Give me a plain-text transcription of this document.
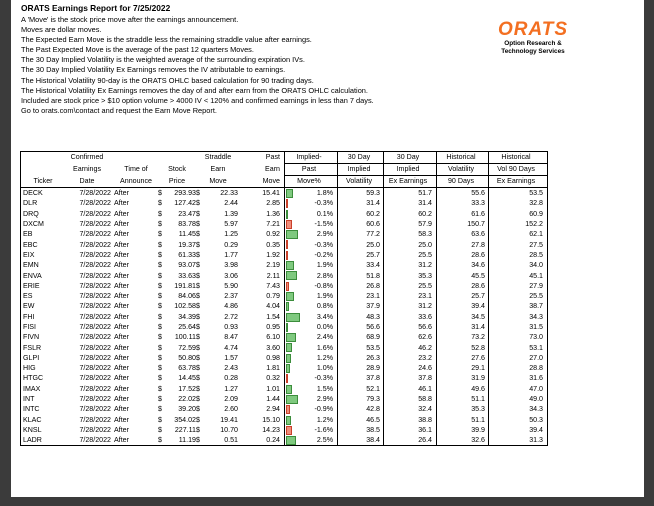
ORATS Earnings Report for 7/25/2022
A 'Move' is the stock price move after the earnings announcement.
Moves are dollar moves.
The Expected Earn Move is the straddle less the remaining straddle value after earnings.
The Past Expected Move is the average of the past 12 quarters Moves.
The 30 Day Implied Volatility is the weighted average of the surrounding expiration IVs.
The 30 Day Implied Volatility Ex Earnings removes the IV atributable to earnings.
The Historical Volatility 90-day is the ORATS OHLC based calculation for 90 trading days.
The Historical Volatility Ex Earnings removes the day of and after earn from the ORATS OHLC calculation.
Included are stock price > $10 option volume > 4000 IV < 120% and confirmed earnings in less than 7 days.
Go to orats.com\contact and request the Earn Move Report.
ORATS
Option Research &
Technology Services
	Confirmed				Straddle		Past	Implied-	30 Day	30 Day	Historical	Historical
	Earnings	Time of	Stock		Earn		Earn	Past	Implied	Implied	Volatility	Vol 90 Days
Ticker	Date	Announce	Price		Move		Move	Move%	Volatility	Ex Earnings	90 Days	Ex Earnings
DECK	7/28/2022	After	$	293.93	$	22.33	15.41	1.8%	59.3	51.7	55.6	53.5
DLR	7/28/2022	After	$	127.42	$	2.44	2.85	-0.3%	31.4	31.4	33.3	32.8
DRQ	7/28/2022	After	$	23.47	$	1.39	1.36	0.1%	60.2	60.2	61.6	60.9
DXCM	7/28/2022	After	$	83.78	$	5.97	7.21	-1.5%	60.6	57.9	150.7	152.2
EB	7/28/2022	After	$	11.45	$	1.25	0.92	2.9%	77.2	58.3	63.6	62.1
EBC	7/28/2022	After	$	19.37	$	0.29	0.35	-0.3%	25.0	25.0	27.8	27.5
EIX	7/28/2022	After	$	61.33	$	1.77	1.92	-0.2%	25.7	25.5	28.6	28.5
EMN	7/28/2022	After	$	93.07	$	3.98	2.19	1.9%	33.4	31.2	34.6	34.0
ENVA	7/28/2022	After	$	33.63	$	3.06	2.11	2.8%	51.8	35.3	45.5	45.1
ERIE	7/28/2022	After	$	191.81	$	5.90	7.43	-0.8%	26.8	25.5	28.6	27.9
ES	7/28/2022	After	$	84.06	$	2.37	0.79	1.9%	23.1	23.1	25.7	25.5
EW	7/28/2022	After	$	102.58	$	4.86	4.04	0.8%	37.9	31.2	39.4	38.7
FHI	7/28/2022	After	$	34.39	$	2.72	1.54	3.4%	48.3	33.6	34.5	34.3
FISI	7/28/2022	After	$	25.64	$	0.93	0.95	0.0%	56.6	56.6	31.4	31.5
FIVN	7/28/2022	After	$	100.11	$	8.47	6.10	2.4%	68.9	62.6	73.2	73.0
FSLR	7/28/2022	After	$	72.59	$	4.74	3.60	1.6%	53.5	46.2	52.8	53.1
GLPI	7/28/2022	After	$	50.80	$	1.57	0.98	1.2%	26.3	23.2	27.6	27.0
HIG	7/28/2022	After	$	63.78	$	2.43	1.81	1.0%	28.9	24.6	29.1	28.8
HTGC	7/28/2022	After	$	14.45	$	0.28	0.32	-0.3%	37.8	37.8	31.9	31.6
IMAX	7/28/2022	After	$	17.52	$	1.27	1.01	1.5%	52.1	46.1	49.6	47.0
INT	7/28/2022	After	$	22.02	$	2.09	1.44	2.9%	79.3	58.8	51.1	49.0
INTC	7/28/2022	After	$	39.20	$	2.60	2.94	-0.9%	42.8	32.4	35.3	34.3
KLAC	7/28/2022	After	$	354.02	$	19.41	15.10	1.2%	46.5	38.8	51.1	50.3
KNSL	7/28/2022	After	$	227.11	$	10.70	14.23	-1.6%	38.5	36.1	39.9	39.4
LADR	7/28/2022	After	$	11.19	$	0.51	0.24	2.5%	38.4	26.4	32.6	31.3
